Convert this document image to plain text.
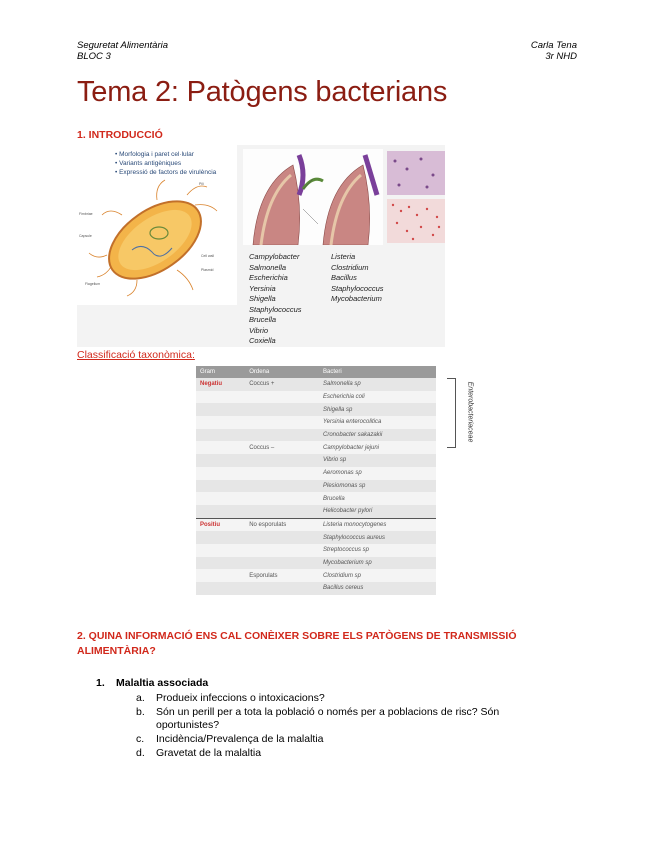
Seguretat Alimentària
BLOC 3
Carla Tena
3r NHD
Tema 2: Patògens bacterians
1. INTRODUCCIÓ
Fimbriae
Capsule
Pili
Cell wall
Plasmid
Flagellum
• Morfologia i paret cel·lular
• Variants antigèniques
• Expressió de factors de virulència
Campylobacter
Salmonella
Escherichia
Yersinia
Shigella
Staphylococcus
Brucella
Vibrio
Coxiella
Listeria
Clostridium
Bacillus
Staphylococcus
Mycobacterium
Classificació taxonòmica:
Gram	Ordena	Bacteri
Negatiu	Coccus +	Salmonella sp
		Escherichia coli
		Shigella sp
		Yersinia enterocolitica
		Cronobacter sakazakii
	Coccus –	Campylobacter jejuni
		Vibrio sp
		Aeromonas sp
		Plesiomonas sp
		Brucella
		Helicobacter pylori
Positiu	No esporulats	Listeria monocytogenes
		Staphylococcus aureus
		Streptococcus sp
		Mycobacterium sp
	Esporulats	Clostridium sp
		Bacillus cereus
Enterobacteriaceae
2. QUINA INFORMACIÓ ENS CAL CONÈIXER SOBRE ELS PATÒGENS DE TRANSMISSIÓ ALIMENTÀRIA?
1. Malaltia associada
a.	Produeix infeccions o intoxicacions?
b.	Són un perill per a tota la població o només per a poblacions de risc? Són oportunistes?
c.	Incidència/Prevalença de la malaltia
d.	Gravetat de la malaltia
